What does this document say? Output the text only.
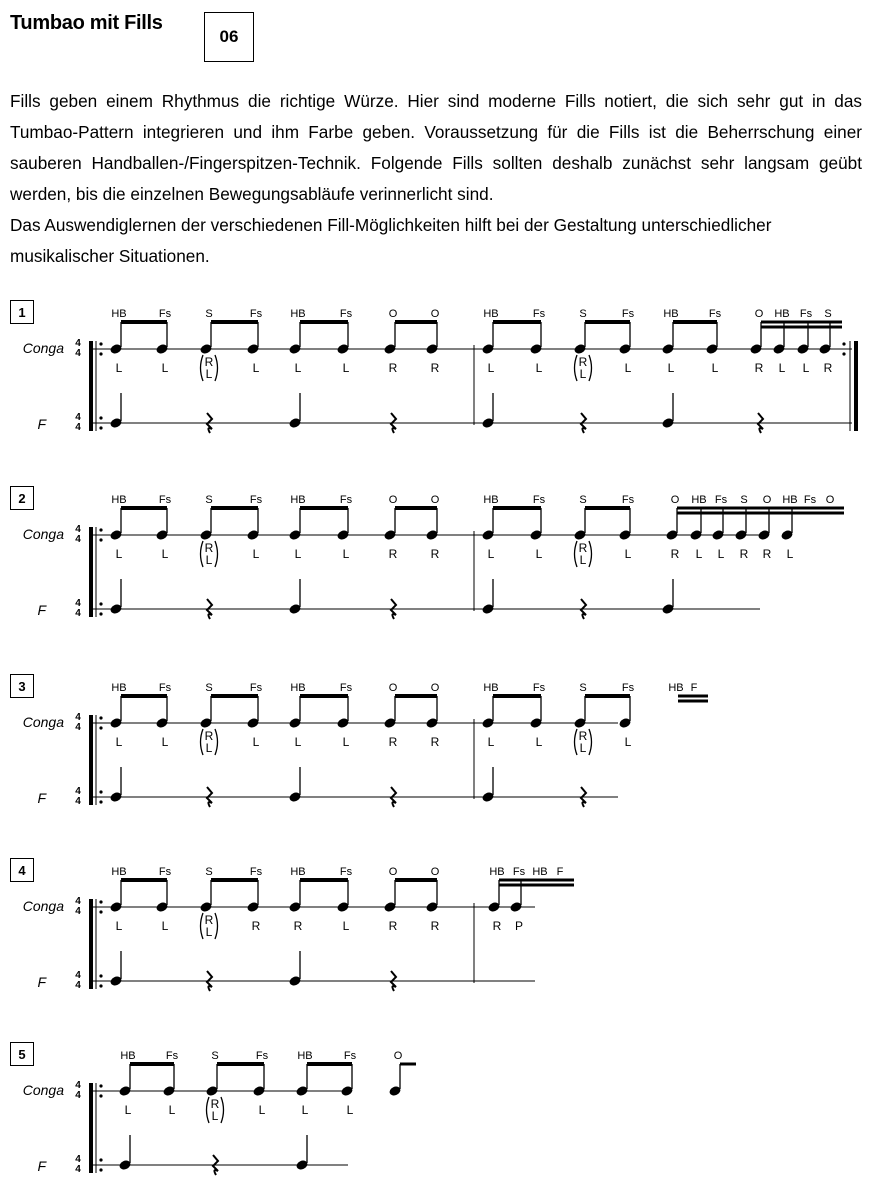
Tumbao mit Fills
06

Fills geben einem Rhythmus die richtige Würze. Hier sind moderne Fills notiert, die sich sehr gut in das Tumbao-Pattern integrieren und ihm Farbe geben. Voraussetzung für die Fills ist die Beherrschung einer sauberen Handballen-/Fingerspitzen-Technik. Folgende Fills sollten deshalb zunächst sehr langsam geübt werden, bis die einzelnen Bewegungsabläufe verinnerlicht sind.

Das Auswendiglernen der verschiedenen Fill-Möglichkeiten hilft bei der Gestaltung unterschiedlicher musikalischer Situationen.

1
Conga
F
4
4
4
4
HB
L
Fs
L
S
R
L
Fs
L
HB
L
Fs
L
O
R
O
R
HB
L
Fs
L
S
R
L
Fs
L
HB
L
Fs
L
O
R
HB
L
Fs
L
S
R
2
Conga
F
4
4
4
4
HB
L
Fs
L
S
R
L
Fs
L
HB
L
Fs
L
O
R
O
R
HB
L
Fs
L
S
R
L
Fs
L
O
R
HB
L
Fs
L
S
R
O
R
HB
L
Fs O
3
Conga
F
4
4
4
4
HB
L
Fs
L
S
R
L
Fs
L
HB
L
Fs
L
O
R
O
R
HB
L
Fs
L
S
R
L
Fs
L
HB F
4
Conga
F
4
4
4
4
HB
L
Fs
L
S
R
L
Fs
R
HB
R
Fs
L
O
R
O
R
HB
R
Fs
P
HB F
5
Conga
F
4
4
4
4
HB
L
Fs
L
S
R
L
Fs
L
HB
L
Fs
L
O
